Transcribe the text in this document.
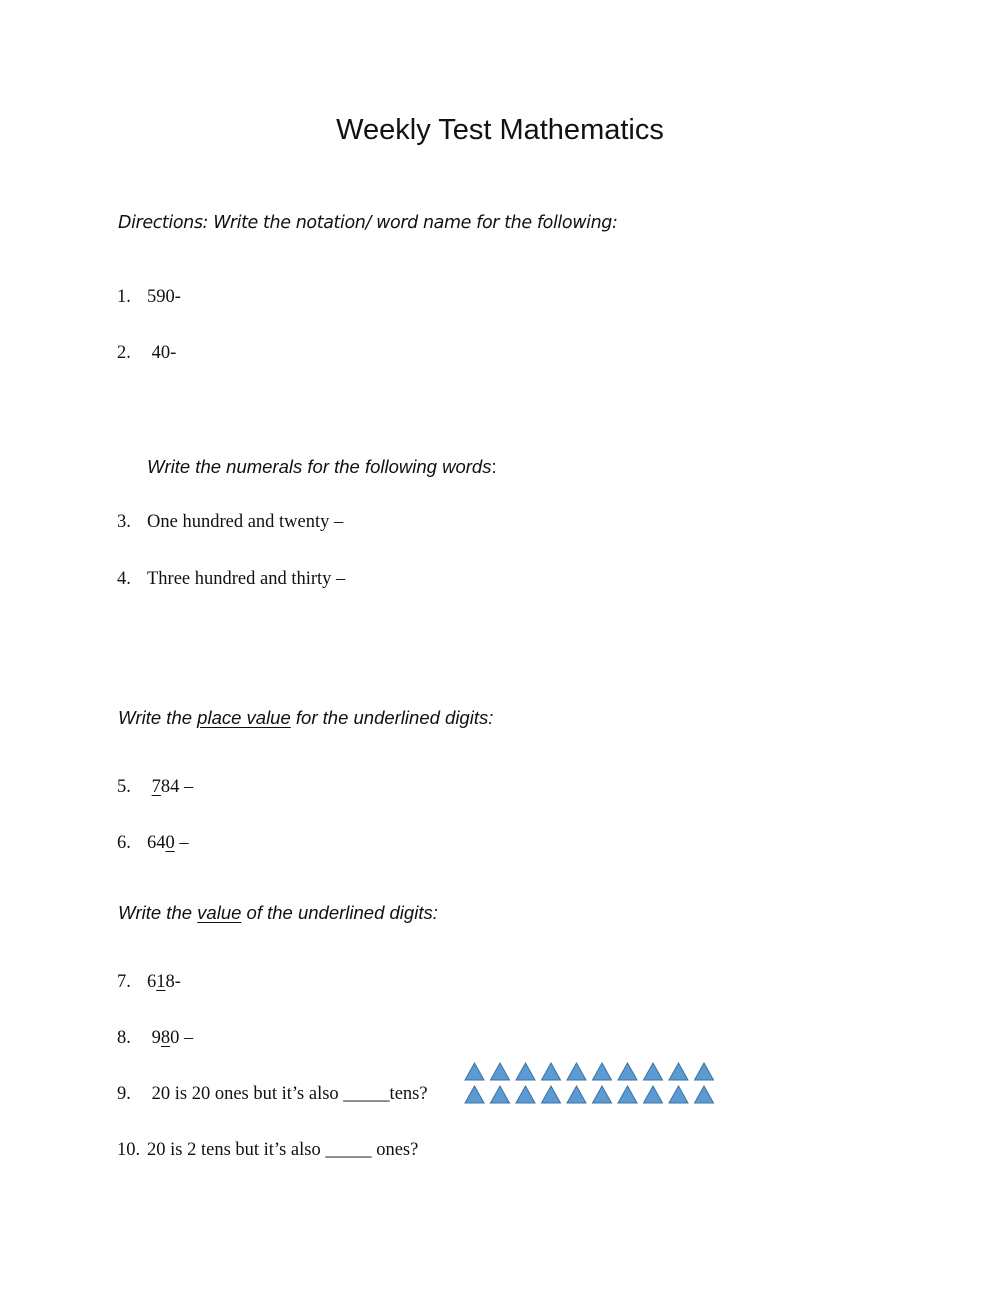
Weekly Test Mathematics
Directions: Write the notation/ word name for the following:
1. 590-
2. 40-
Write the numerals for the following words:
3. One hundred and twenty –
4. Three hundred and thirty –
Write the place value for the underlined digits:
5. 784 –
6. 640 –
Write the value of the underlined digits:
7. 618-
8. 980 –
9. 20 is 20 ones but it’s also _____tens?
10. 20 is 2 tens but it’s also _____ ones?
